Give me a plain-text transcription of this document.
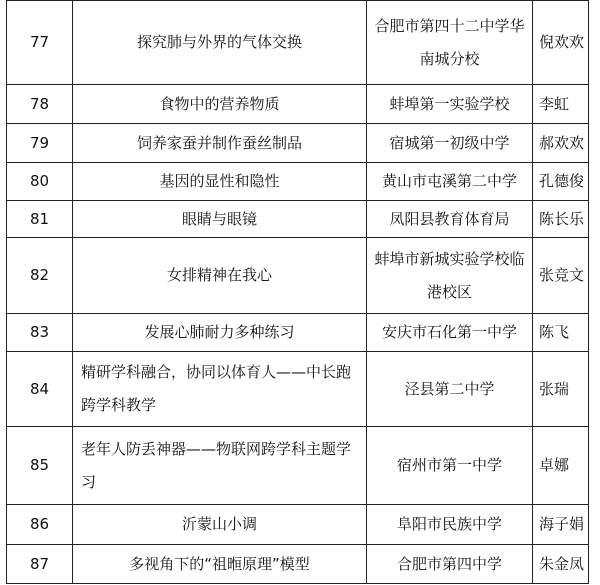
77	探究肺与外界的气体交换	合肥市第四十二中学华南城分校	倪欢欢
78	食物中的营养物质	蚌埠第一实验学校	李虹
79	饲养家蚕并制作蚕丝制品	宿城第一初级中学	郝欢欢
80	基因的显性和隐性	黄山市屯溪第二中学	孔德俊
81	眼睛与眼镜	凤阳县教育体育局	陈长乐
82	女排精神在我心	蚌埠市新城实验学校临港校区	张竞文
83	发展心肺耐力多种练习	安庆市石化第一中学	陈飞
84	精研学科融合，协同以体育人——中长跑跨学科教学	泾县第二中学	张瑞
85	老年人防丢神器——物联网跨学科主题学习	宿州市第一中学	卓娜
86	沂蒙山小调	阜阳市民族中学	海子娟
87	多视角下的“祖暅原理”模型	合肥市第四中学	朱金凤
